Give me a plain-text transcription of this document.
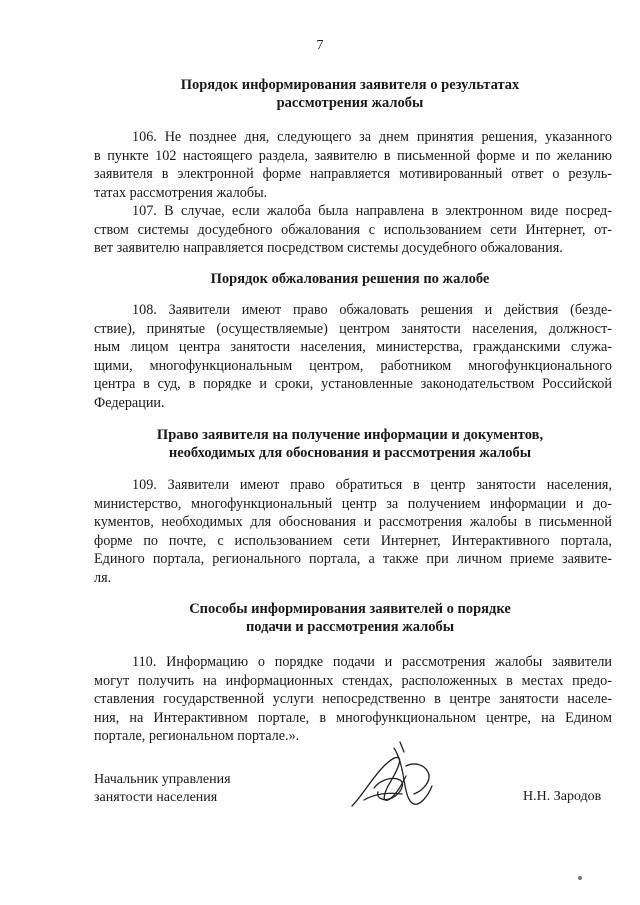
7
Порядок информирования заявителя о результатах
рассмотрения жалобы
106. Не позднее дня, следующего за днем принятия решения, указанного
в пункте 102 настоящего раздела, заявителю в письменной форме и по желанию
заявителя в электронной форме направляется мотивированный ответ о резуль-
татах рассмотрения жалобы.
107. В случае, если жалоба была направлена в электронном виде посред-
ством системы досудебного обжалования с использованием сети Интернет, от-
вет заявителю направляется посредством системы досудебного обжалования.
Порядок обжалования решения по жалобе
108. Заявители имеют право обжаловать решения и действия (безде-
ствие), принятые (осуществляемые) центром занятости населения, должност-
ным лицом центра занятости населения, министерства, гражданскими служа-
щими, многофункциональным центром, работником многофункционального
центра в суд, в порядке и сроки, установленные законодательством Российской
Федерации.
Право заявителя на получение информации и документов,
необходимых для обоснования и рассмотрения жалобы
109. Заявители имеют право обратиться в центр занятости населения,
министерство, многофункциональный центр за получением информации и до-
кументов, необходимых для обоснования и рассмотрения жалобы в письменной
форме по почте, с использованием сети Интернет, Интерактивного портала,
Единого портала, регионального портала, а также при личном приеме заявите-
ля.
Способы информирования заявителей о порядке
подачи и рассмотрения жалобы
110. Информацию о порядке подачи и рассмотрения жалобы заявители
могут получить на информационных стендах, расположенных в местах предо-
ставления государственной услуги непосредственно в центре занятости населе-
ния, на Интерактивном портале, в многофункциональном центре, на Едином
портале, региональном портале.».
Начальник управления
занятости населения	Н.Н. Зародов
